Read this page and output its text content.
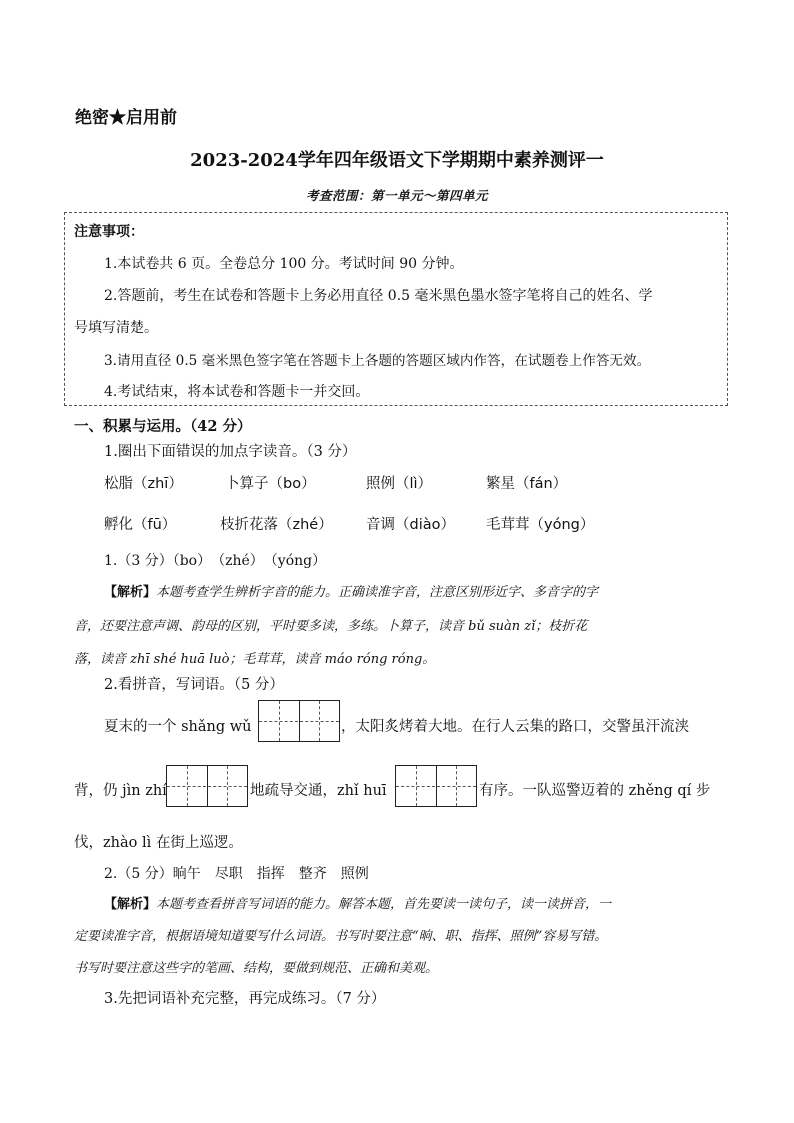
绝密★启用前
2023-2024学年四年级语文下学期期中素养测评一
考查范围：第一单元～第四单元
注意事项：
1.本试卷共 6 页。全卷总分 100 分。考试时间 90 分钟。
2.答题前，考生在试卷和答题卡上务必用直径 0.5 毫米黑色墨水签字笔将自己的姓名、学
号填写清楚。
3.请用直径 0.5 毫米黑色签字笔在答题卡上各题的答题区域内作答，在试题卷上作答无效。
4.考试结束，将本试卷和答题卡一并交回。
一、积累与运用。（42 分）
1.圈出下面错误的加点字读音。（3 分）
松脂（zhī）	卜算子（bo）	照例（lì）	繁星（fán）
孵化（fū）	枝折花落（zhé） 音调（diào） 毛茸茸（yóng）
1.（3 分）（bo）　（zhé）　（yóng）
【解析】本题考查学生辨析字音的能力。正确读准字音，注意区别形近字、多音字的字
音，还要注意声调、韵母的区别，平时要多读，多练。卜算子，读音 bǔ suàn zǐ；枝折花
落，读音 zhī shé huā luò；毛茸茸，读音 máo róng róng。
2.看拼音，写词语。（5 分）
夏末的一个 shǎng wǔ	，太阳炙烤着大地。在行人云集的路口，交警虽汗流浃
背，仍 jìn zhí	地疏导交通，zhǐ huī	有序。一队巡警迈着的 zhěng qí 步
伐，zhào lì 在街上巡逻。
2.（5 分）晌午　尽职　指挥　整齐　照例
【解析】本题考查看拼音写词语的能力。解答本题，首先要读一读句子，读一读拼音，一
定要读准字音，根据语境知道要写什么词语。书写时要注意“晌、职、指挥、照例”容易写错。
书写时要注意这些字的笔画、结构，要做到规范、正确和美观。
3.先把词语补充完整，再完成练习。（7 分）
